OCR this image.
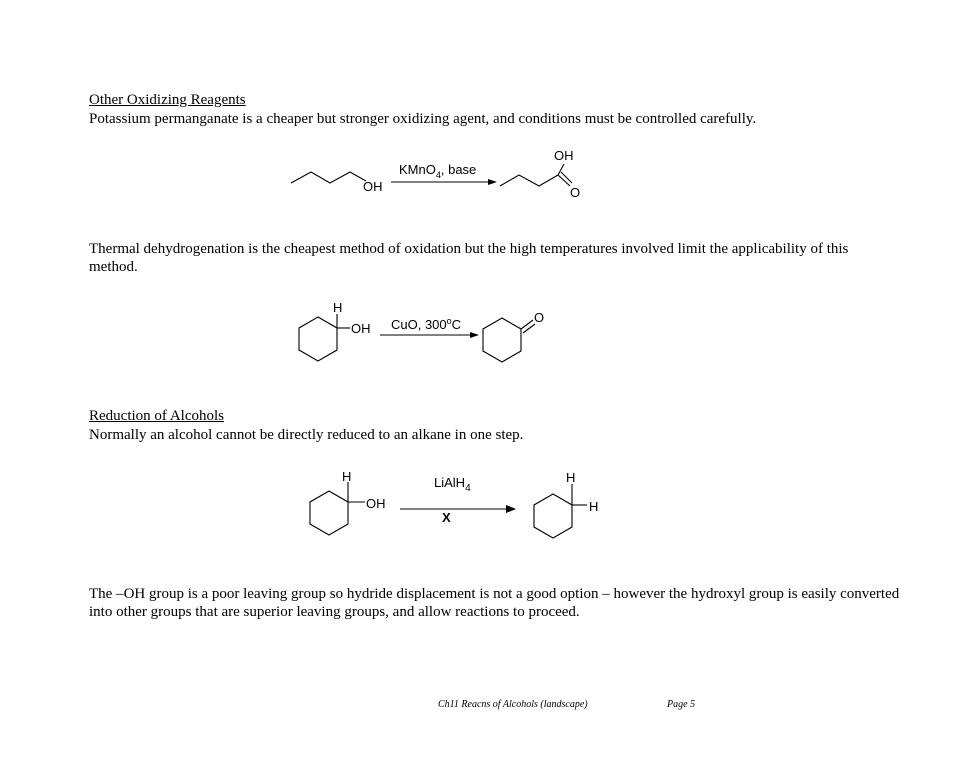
Other Oxidizing Reagents
Potassium permanganate is a cheaper but stronger oxidizing agent, and conditions must be controlled carefully.
OH
KMnO$_4$, base
OH
O
Thermal dehydrogenation is the cheapest method of oxidation but the high temperatures involved limit the applicability of this method.
H
OH CuO, 300$^o$C	O
Reduction of Alcohols
Normally an alcohol cannot be directly reduced to an alkane in one step.
H
OH
LiAlH$_4$
X
H
H
The –OH group is a poor leaving group so hydride displacement is not a good option – however the hydroxyl group is easily converted into other groups that are superior leaving groups, and allow reactions to proceed.
Ch11 Reacns of Alcohols (landscape)	Page 5
